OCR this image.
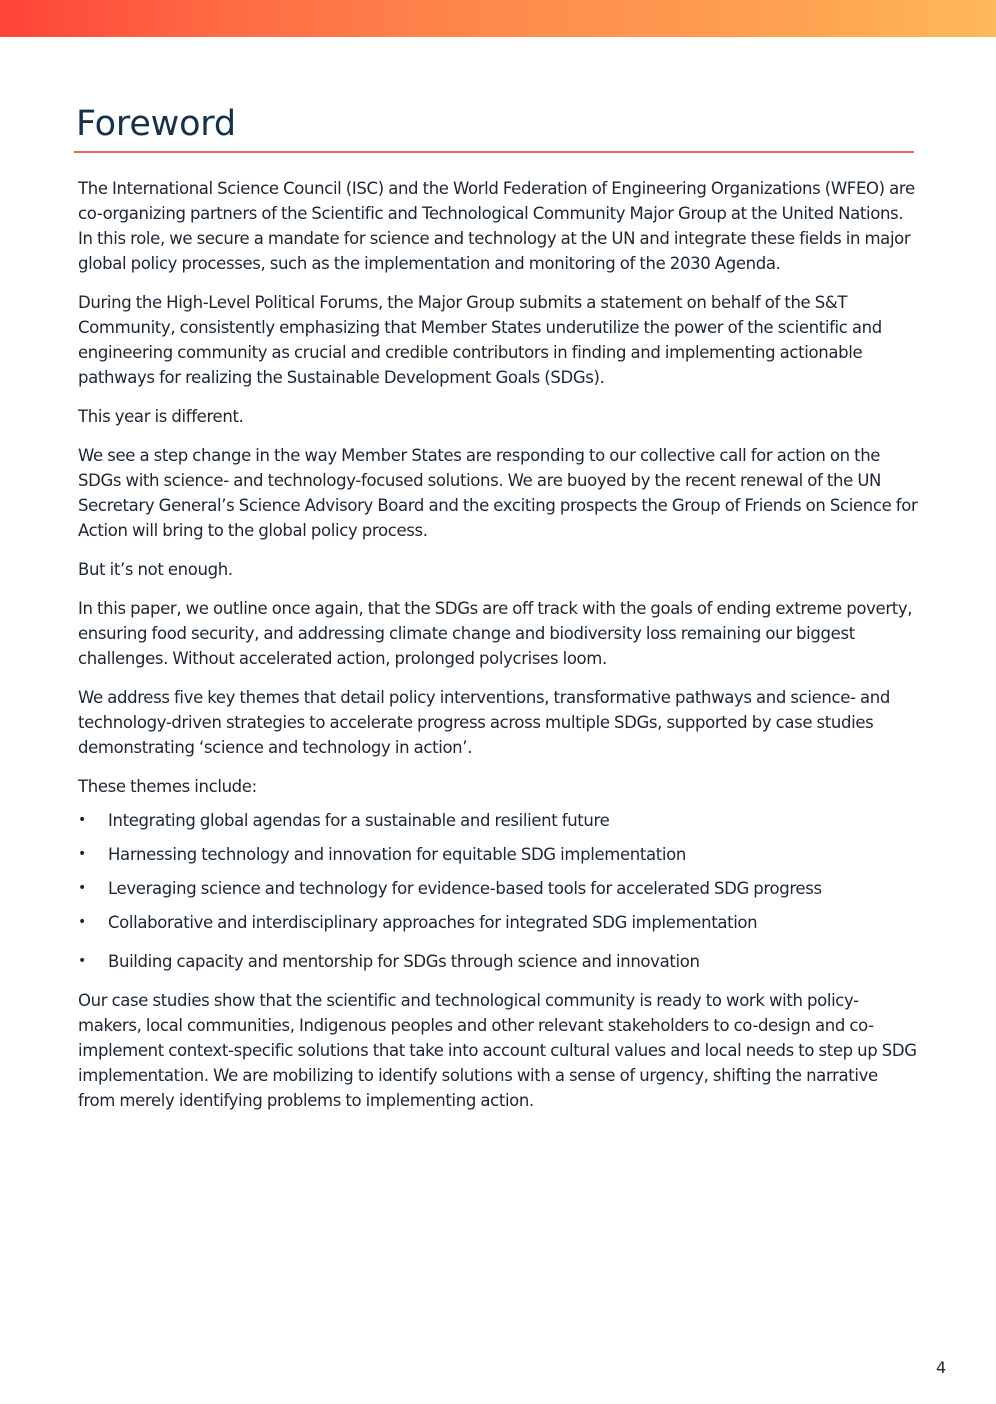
Foreword

The International Science Council (ISC) and the World Federation of Engineering Organizations (WFEO) are co-organizing partners of the Scientific and Technological Community Major Group at the United Nations. In this role, we secure a mandate for science and technology at the UN and integrate these fields in major global policy processes, such as the implementation and monitoring of the 2030 Agenda.

During the High-Level Political Forums, the Major Group submits a statement on behalf of the S&T Community, consistently emphasizing that Member States underutilize the power of the scientific and engineering community as crucial and credible contributors in finding and implementing actionable pathways for realizing the Sustainable Development Goals (SDGs).

This year is different.

We see a step change in the way Member States are responding to our collective call for action on the SDGs with science- and technology-focused solutions. We are buoyed by the recent renewal of the UN Secretary General’s Science Advisory Board and the exciting prospects the Group of Friends on Science for Action will bring to the global policy process.

But it’s not enough.

In this paper, we outline once again, that the SDGs are off track with the goals of ending extreme poverty, ensuring food security, and addressing climate change and biodiversity loss remaining our biggest challenges. Without accelerated action, prolonged polycrises loom.

We address five key themes that detail policy interventions, transformative pathways and science- and technology-driven strategies to accelerate progress across multiple SDGs, supported by case studies demonstrating ‘science and technology in action’.

These themes include:

• Integrating global agendas for a sustainable and resilient future
• Harnessing technology and innovation for equitable SDG implementation
• Leveraging science and technology for evidence-based tools for accelerated SDG progress
• Collaborative and interdisciplinary approaches for integrated SDG implementation
• Building capacity and mentorship for SDGs through science and innovation

Our case studies show that the scientific and technological community is ready to work with policy-makers, local communities, Indigenous peoples and other relevant stakeholders to co-design and co-implement context-specific solutions that take into account cultural values and local needs to step up SDG implementation. We are mobilizing to identify solutions with a sense of urgency, shifting the narrative from merely identifying problems to implementing action.

4
